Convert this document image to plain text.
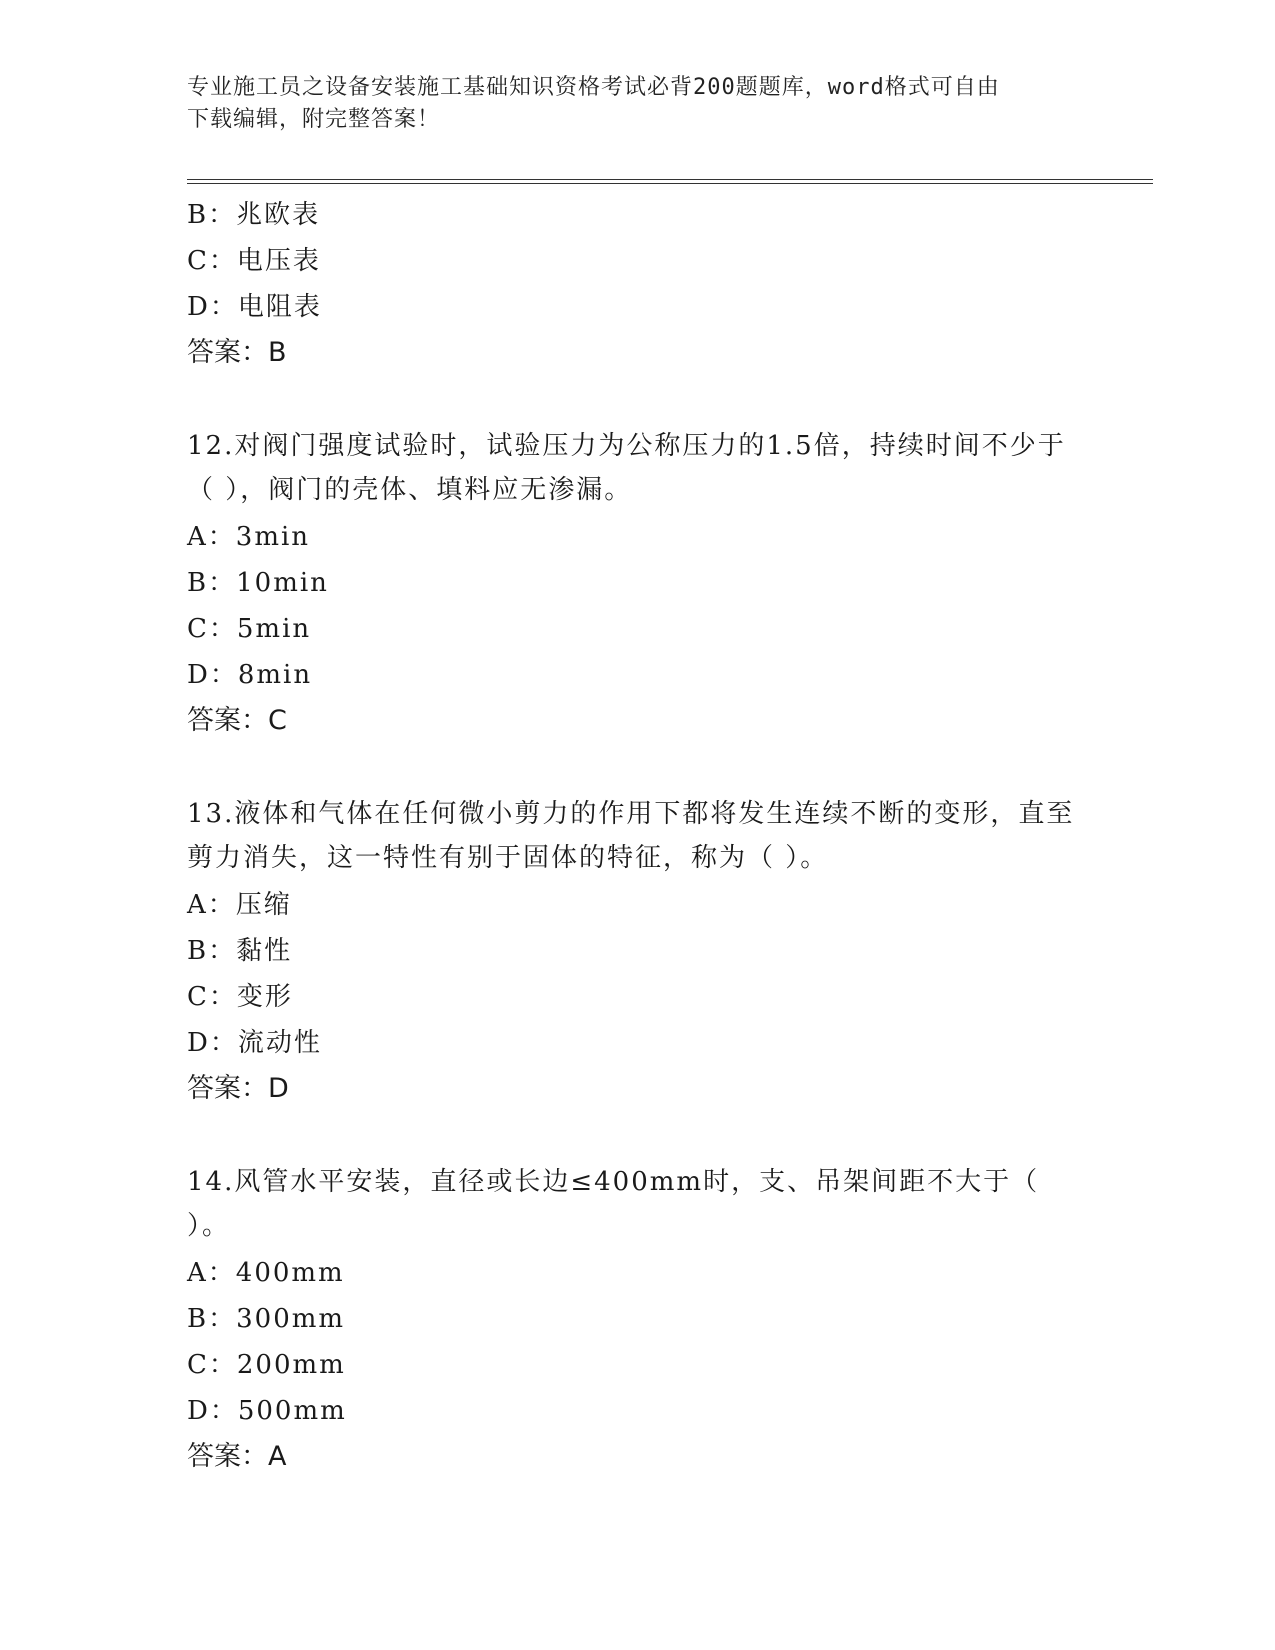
专业施工员之设备安装施工基础知识资格考试必背200题题库，word格式可自由
下载编辑，附完整答案！
B：兆欧表
C：电压表
D：电阻表
答案：B
12.对阀门强度试验时，试验压力为公称压力的1.5倍，持续时间不少于（ ），阀门的壳体、填料应无渗漏。
A：3min
B：10min
C：5min
D：8min
答案：C
13.液体和气体在任何微小剪力的作用下都将发生连续不断的变形，直至剪力消失，这一特性有别于固体的特征，称为（ ）。
A：压缩
B：黏性
C：变形
D：流动性
答案：D
14.风管水平安装，直径或长边≤400mm时，支、吊架间距不大于（ ）。
A：400mm
B：300mm
C：200mm
D：500mm
答案：A
